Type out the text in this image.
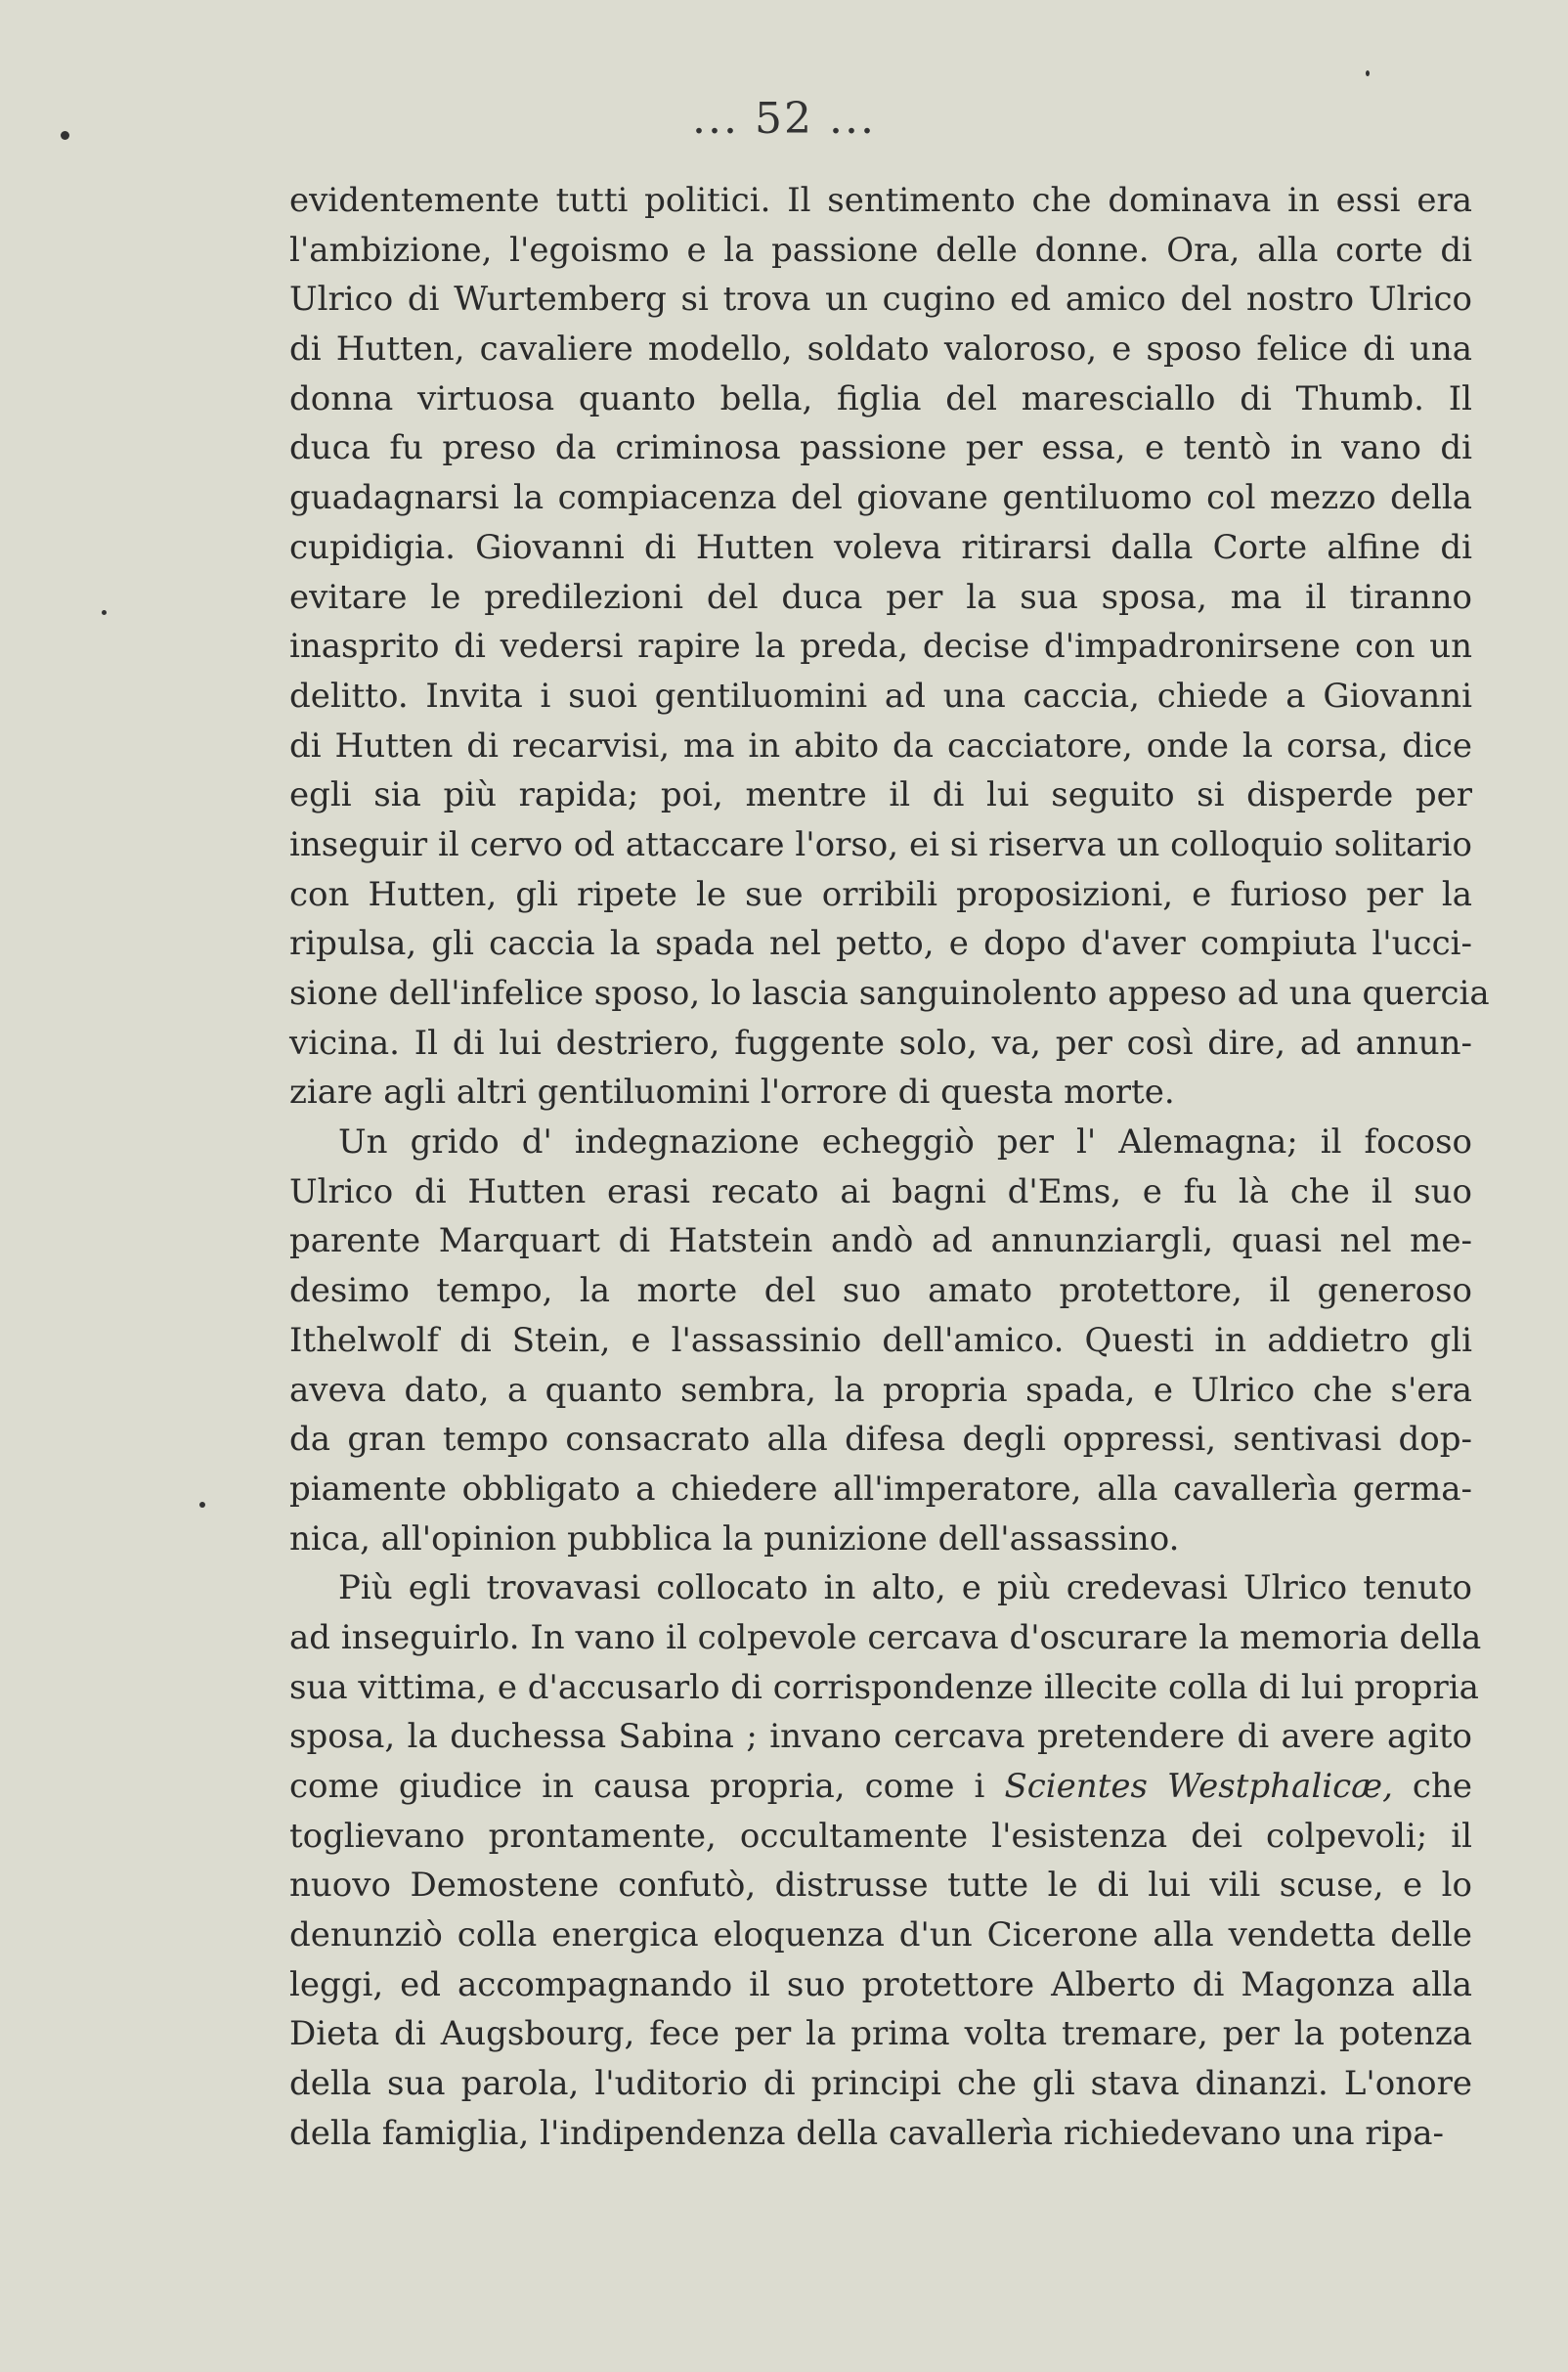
... 52 ...
evidentemente tutti politici. Il sentimento che dominava in essi era
l'ambizione, l'egoismo e la passione delle donne. Ora, alla corte di
Ulrico di Wurtemberg si trova un cugino ed amico del nostro Ulrico
di Hutten, cavaliere modello, soldato valoroso, e sposo felice di una
donna virtuosa quanto bella, figlia del maresciallo di Thumb. Il
duca fu preso da criminosa passione per essa, e tentò in vano di
guadagnarsi la compiacenza del giovane gentiluomo col mezzo della
cupidigia. Giovanni di Hutten voleva ritirarsi dalla Corte alfine di
evitare le predilezioni del duca per la sua sposa, ma il tiranno
inasprito di vedersi rapire la preda, decise d'impadronirsene con un
delitto. Invita i suoi gentiluomini ad una caccia, chiede a Giovanni
di Hutten di recarvisi, ma in abito da cacciatore, onde la corsa, dice
egli sia più rapida; poi, mentre il di lui seguito si disperde per
inseguir il cervo od attaccare l'orso, ei si riserva un colloquio solitario
con Hutten, gli ripete le sue orribili proposizioni, e furioso per la
ripulsa, gli caccia la spada nel petto, e dopo d'aver compiuta l'ucci-
sione dell'infelice sposo, lo lascia sanguinolento appeso ad una quercia
vicina. Il di lui destriero, fuggente solo, va, per così dire, ad annun-
ziare agli altri gentiluomini l'orrore di questa morte.
Un grido d' indegnazione echeggiò per l' Alemagna; il focoso
Ulrico di Hutten erasi recato ai bagni d'Ems, e fu là che il suo
parente Marquart di Hatstein andò ad annunziargli, quasi nel me-
desimo tempo, la morte del suo amato protettore, il generoso
Ithelwolf di Stein, e l'assassinio dell'amico. Questi in addietro gli
aveva dato, a quanto sembra, la propria spada, e Ulrico che s'era
da gran tempo consacrato alla difesa degli oppressi, sentivasi dop-
piamente obbligato a chiedere all'imperatore, alla cavallerìa germa-
nica, all'opinion pubblica la punizione dell'assassino.
Più egli trovavasi collocato in alto, e più credevasi Ulrico tenuto
ad inseguirlo. In vano il colpevole cercava d'oscurare la memoria della
sua vittima, e d'accusarlo di corrispondenze illecite colla di lui propria
sposa, la duchessa Sabina ; invano cercava pretendere di avere agito
come giudice in causa propria, come i Scientes Westphalicæ, che
toglievano prontamente, occultamente l'esistenza dei colpevoli; il
nuovo Demostene confutò, distrusse tutte le di lui vili scuse, e lo
denunziò colla energica eloquenza d'un Cicerone alla vendetta delle
leggi, ed accompagnando il suo protettore Alberto di Magonza alla
Dieta di Augsbourg, fece per la prima volta tremare, per la potenza
della sua parola, l'uditorio di principi che gli stava dinanzi. L'onore
della famiglia, l'indipendenza della cavallerìa richiedevano una ripa-
